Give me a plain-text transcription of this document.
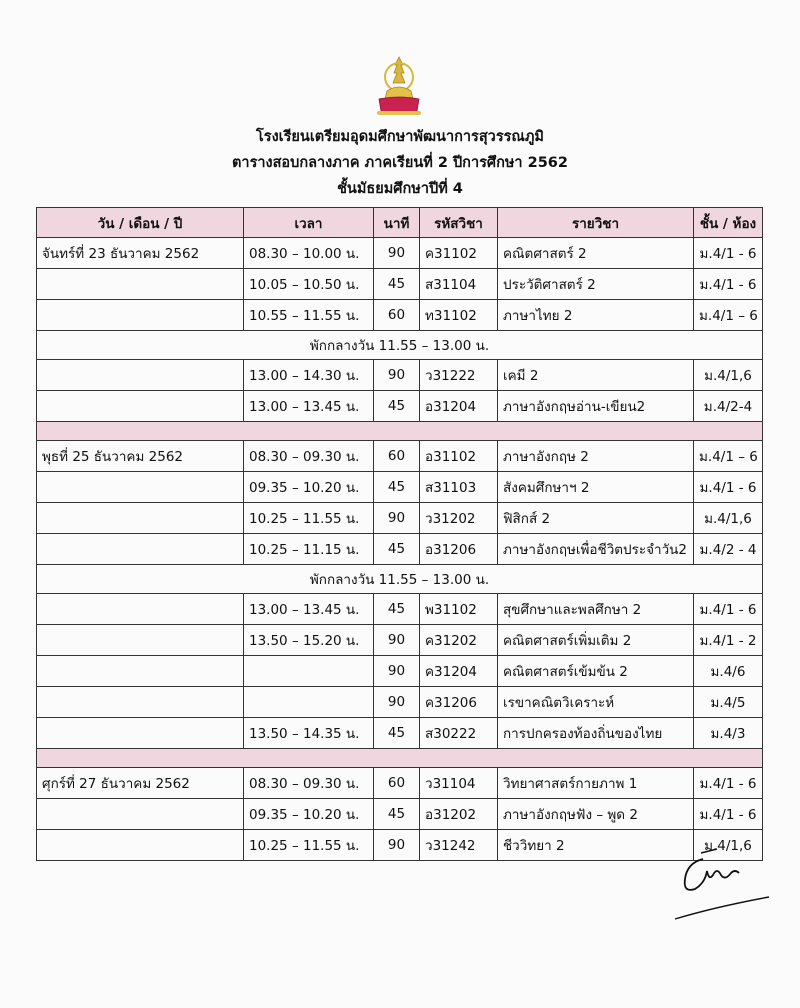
โรงเรียนเตรียมอุดมศึกษาพัฒนาการสุวรรณภูมิ
ตารางสอบกลางภาค ภาคเรียนที่ 2 ปีการศึกษา 2562
ชั้นมัธยมศึกษาปีที่ 4
วัน / เดือน / ปี	เวลา	นาที	รหัสวิชา	รายวิชา	ชั้น / ห้อง
จันทร์ที่ 23 ธันวาคม 2562	08.30 – 10.00 น.	90	ค31102	คณิตศาสตร์ 2	ม.4/1 - 6
	10.05 – 10.50 น.	45	ส31104	ประวัติศาสตร์ 2	ม.4/1 - 6
	10.55 – 11.55 น.	60	ท31102	ภาษาไทย 2	ม.4/1 – 6
พักกลางวัน 11.55 – 13.00 น.					
	13.00 – 14.30 น.	90	ว31222	เคมี 2	ม.4/1,6
	13.00 – 13.45 น.	45	อ31204	ภาษาอังกฤษอ่าน-เขียน2	ม.4/2-4

พุธที่ 25 ธันวาคม 2562	08.30 – 09.30 น.	60	อ31102	ภาษาอังกฤษ 2	ม.4/1 – 6
	09.35 – 10.20 น.	45	ส31103	สังคมศึกษาฯ 2	ม.4/1 - 6
	10.25 – 11.55 น.	90	ว31202	ฟิสิกส์ 2	ม.4/1,6
	10.25 – 11.15 น.	45	อ31206	ภาษาอังกฤษเพื่อชีวิตประจำวัน2	ม.4/2 - 4
พักกลางวัน 11.55 – 13.00 น.					
	13.00 – 13.45 น.	45	พ31102	สุขศึกษาและพลศึกษา 2	ม.4/1 - 6
	13.50 – 15.20 น.	90	ค31202	คณิตศาสตร์เพิ่มเติม 2	ม.4/1 - 2
		90	ค31204	คณิตศาสตร์เข้มข้น 2	ม.4/6
		90	ค31206	เรขาคณิตวิเคราะห์	ม.4/5
	13.50 – 14.35 น.	45	ส30222	การปกครองท้องถิ่นของไทย	ม.4/3

ศุกร์ที่ 27 ธันวาคม 2562	08.30 – 09.30 น.	60	ว31104	วิทยาศาสตร์กายภาพ 1	ม.4/1 - 6
	09.35 – 10.20 น.	45	อ31202	ภาษาอังกฤษฟัง – พูด 2	ม.4/1 - 6
	10.25 – 11.55 น.	90	ว31242	ชีววิทยา 2	ม.4/1,6
